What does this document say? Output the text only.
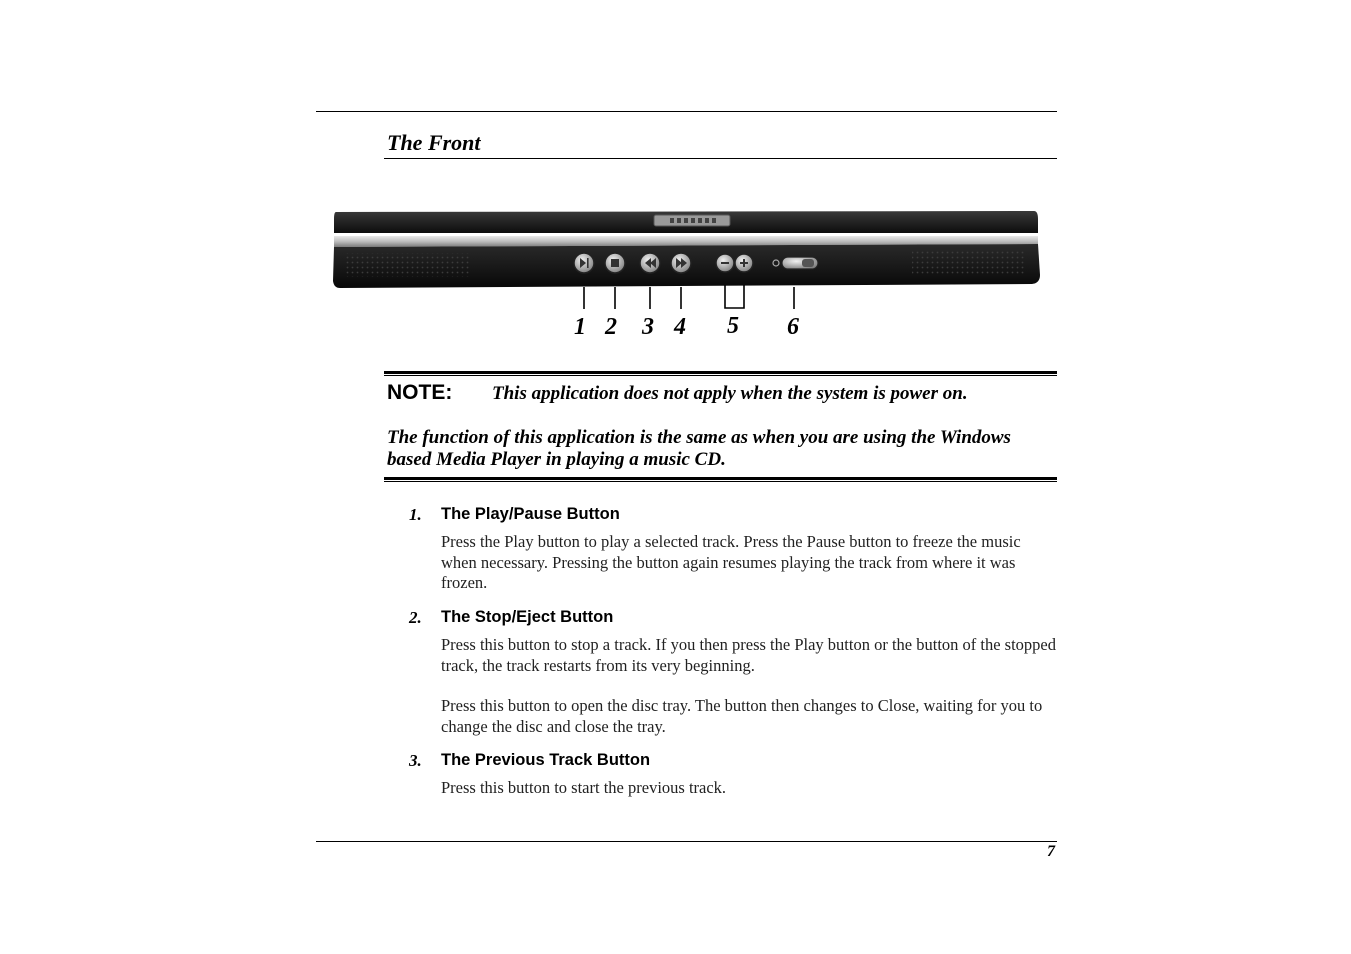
The Front
1 2 3 4 5 6
NOTE: This application does not apply when the system is power on.
The function of this application is the same as when you are using the Windows based Media Player in playing a music CD.
1. The Play/Pause Button

Press the Play button to play a selected track. Press the Pause button to freeze the music when necessary. Pressing the button again resumes playing the track from where it was frozen.

2. The Stop/Eject Button

Press this button to stop a track. If you then press the Play button or the button of the stopped track, the track restarts from its very beginning.

Press this button to open the disc tray. The button then changes to Close, waiting for you to change the disc and close the tray.

3. The Previous Track Button

Press this button to start the previous track.

7
